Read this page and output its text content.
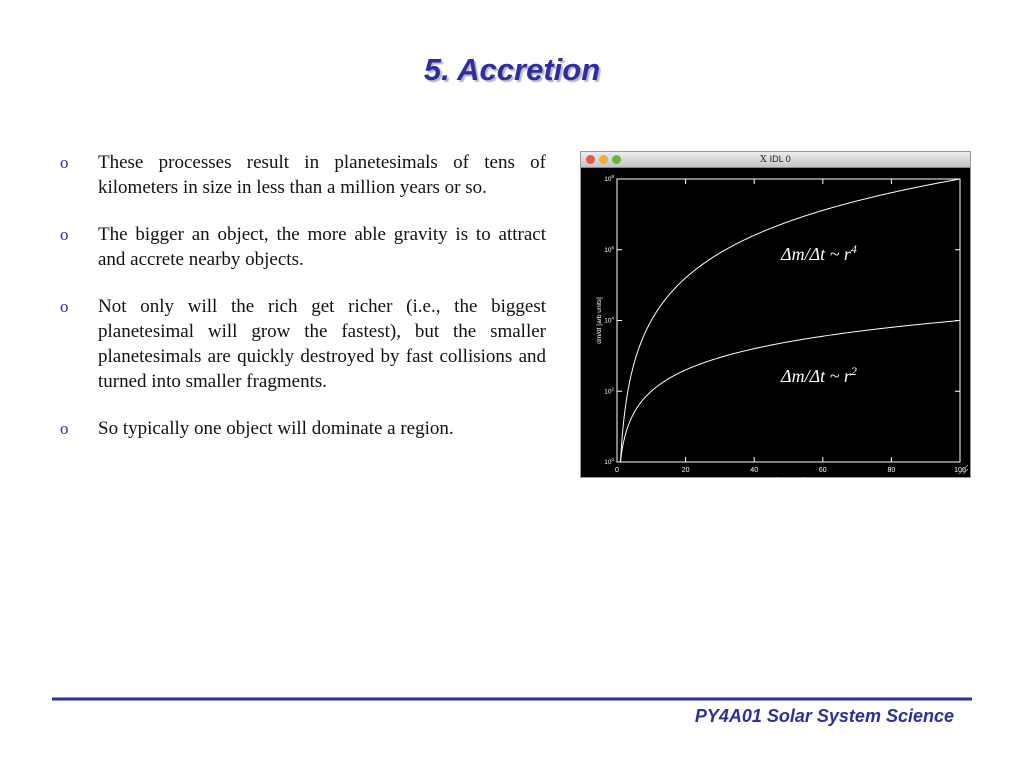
5. Accretion
o These processes result in planetesimals of tens of kilometers in size in less than a million years or so.
o The bigger an object, the more able gravity is to attract and accrete nearby objects.
o Not only will the rich get richer (i.e., the biggest planetesimal will grow the fastest), but the smaller planetesimals are quickly destroyed by fast collisions and turned into smaller fragments.
o So typically one object will dominate a region.
X IDL 0
0	20	40	60	80	100
$10^0$
$10^2$
$10^4$
$10^6$
$10^8$
r [arb units]
dm/dt [arb units]
Δm/Δt ~ $r^4$
Δm/Δt ~ $r^2$
PY4A01 Solar System Science
